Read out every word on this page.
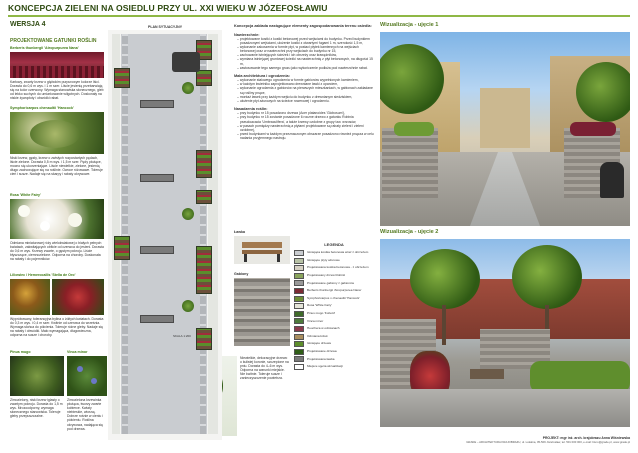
KONCEPCJA ZIELENI NA OSIEDLU PRZY UL. XXI WIEKU W JÓZEFOSŁAWIU
WERSJA 4
PROJEKTOWANE GATUNKI ROŚLIN
Berberis thunbergii 'Atropurpurea Nana'
Karłowy, zwarty krzew o głębokim purpurowym kolorze liści. Dorasta do 0,6 m wys. i 1 m szer. Liście jesienią przebarwiają się na kolor czerwony. Wymaga stanowiska słonecznego, gleb od lekko suchych do umiarkowanie wilgotnych. Doskonały na niskie żywopłoty i obwódki rabat.
Symphoricarpos chenaultii 'Hancock'
Niski krzew, gęsty, krzew o zwisłych rozpostartych pędach, liście zielone. Dorasta 0,5 m wys. i 1,5 m szer. Pędy płożące, mocno się ukorzeniające. Liście niewielkie, zielone, jesienią długo zachowujące się na roślinie. Owoce różowawe. Toleruje cień i susze. Nadaje się na skarpy i rabaty okrywowe.
Rosa 'White Fairy'
Odmiana miniaturowej róży wielokwiatowej o białych pełnych kwiatach, zakwitających obficie od czerwca do jesieni. Dorasta do 0,6 m wys. Krzewy zwarte, o gęstym pokroju. Liście błyszczące, ciemnozielone. Odporna na choroby. Doskonała na rabaty i do pojemników.
Liliowiec / Hemerocallis 'Stella de Oro'
Wypróbowany, tolerancyjna bylina o żółtych kwiatach. Dorasta do 0,3 m wys. i 0,4 m szer. Kwitnie od czerwca do września. Wymaga słońca do półcienia. Toleruje różne gleby. Nadaje się na rabaty i obwódki. Mało wymagająca, długowieczna, odporna na susze i choroby.
Pinus mugo
Zimozielony, niski krzew iglasty o zwartym pokroju. Dorasta do 1,5 m wys. Mrozoodporny, wymaga słonecznego stanowiska. Toleruje gleby przepuszczalne.
Vinca minor
Zimozielona krzewinka płożąca, tworzy zwarte kobierce. Kwiaty niebieskie, wiosną. Dobrze rośnie w cieniu i półcieniu. Roślina okrywowa, nadająca się pod drzewa.
Niewielkie, dekoracyjne drzewo o kulistej koronie, szczepione na pniu. Dorasta do 4–6 m wys. Odporna na warunki miejskie. Nie kwitnie. Toleruje susze i zanieczyszczenie powietrza.
PLAN SYTUACYJNY
SKALA 1:200
Koncepcja zakłada następujące elementy zagospodarowania terenu osiedla:
Nawierzchnie:
– projektowane kostki z kostki betonowej przed wejściami do budynku. Przed budynkiem posadzonymi wejściami, ułożenie kostki z otwartymi fugami 1 m, szerokość 1,5 m,
– wykonanie zakoszenia w formie płyt, w postaci płytek kamiennych na wejściach betonowej oraz w nawierzchni przy wejściach do budynku nr 15,
– zachowanie istniejących ścieżek i ich obrzeży oraz krawężników,
– wymiana istniejącej gruntowej ścieżki na nawierzchnię z płyt betonowych, na długości 15 m,
– zastosowanie tego samego gruzu jako wykończenie podłoża pod nawierzchnie rabat.
Mała architektura i ogrodzenia:
– wykonanie stalowego ogrodzenia w formie gabionów wypełnionych kamieniem,
– w każdym kwietniku zaprojektowano drewniane ławki z oparciem,
– wykonanie ogrodzenia z gabionów na pierwszych mieszkaniach, w gabionach zakładane są rośliny pnące,
– montaż ławek przy każdym wejściu do budynku z drewnianym siedziskiem,
– ułożenie płyt ażurowych na ścieżce rowerowej i ogrodzeniu.
Nasadzenia roślin:
– przy budynku nr 15 posadzono drzewa (Acer platanoides 'Globosum'),
– przy budynku nr 15 zostanie posadzone 6 roczne drzewo z gatunku Robinia pseudoacacia 'Umbraculifera', a także krzewy ozdobne z grupy tzw. wrzosów,
– w pasach pomiędzy nawierzchnią a płytami projektowane są rabaty zieleni i zieleni ozdobnej,
– przed budynkami w każdym przeznaczonym obszarze posadzono również pnącza w celu nadania przyjemnego nastroju.
Ławka
Gabiony
LEGENDA
Istniejąca kostka betonowa wraz z obrzeżem
Istniejące płyty ażurowe
Projektowana kostka betonowa - z obrzeżem
Projektowany drzew Robinii
Projektowane gabiony z gabionów
Berberis thunbergii 'Atropurpurea Nana'
Symphoricarpos x chenaultii 'Hancock'
Rosa 'White Fairy'
Pinus mugo 'Kobold'
Vinca minor
Heuchera w odmianach
Odmiana łóżek
Istniejące drzewa
Projektowane drzewa
Projektowana ławka
Miejsce ujęcia wizualizacji
Wizualizacja - ujęcie 1
Wizualizacja - ujęcie 2
PROJEKT: mgr inż. arch. krajobrazu Anna Wiśniewska
GRADE – ARCHITEKTURA KRAJOBRAZU, ul. Lokalna, 05-509 Józefosław, tel. 501 000 000, e-mail: biuro@grade.pl, www.grade.pl
